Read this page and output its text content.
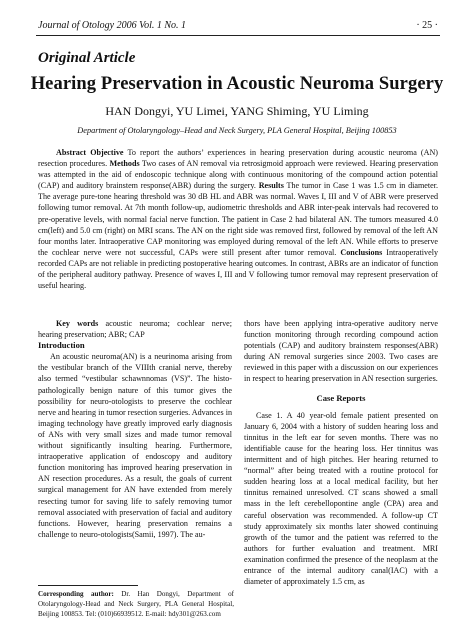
Journal of Otology 2006 Vol. 1 No. 1	· 25 ·
Original Article
Hearing Preservation in Acoustic Neuroma Surgery
HAN Dongyi, YU Limei, YANG Shiming, YU Liming
Department of Otolaryngology–Head and Neck Surgery, PLA General Hospital, Beijing 100853
Abstract Objective To report the authors’ experiences in hearing preservation during acoustic neuroma (AN) resection procedures. Methods Two cases of AN removal via retrosigmoid approach were reviewed. Hearing preservation was attempted in the aid of endoscopic technique along with continuous monitoring of the compound action potential (CAP) and auditory brainstem response(ABR) during the surgery. Results The tumor in Case 1 was 1.5 cm in diameter. The average pure-tone hearing threshold was 30 dB HL and ABR was normal. Waves I, III and V of ABR were preserved following tumor removal. At 7th month follow-up, audiometric thresholds and ABR inter-peak intervals had recovered to pre-operative levels, with normal facial nerve function. The patient in Case 2 had bilateral AN. The tumors measured 4.0 cm(left) and 5.0 cm (right) on MRI scans. The AN on the right side was removed first, followed by removal of the left AN four months later. Intraoperative CAP monitoring was employed during removal of the left AN. While efforts to preserve the cochlear nerve were not successful, CAPs were still present after tumor removal. Conclusions Intraoperatively recorded CAPs are not reliable in predicting postoperative hearing outcomes. In contrast, ABRs are an indicator of function of the peripheral auditory pathway. Presence of waves I, III and V following tumor removal may represent preservation of useful hearing.

Key words acoustic neuroma; cochlear nerve; hearing preservation; ABR; CAP

Introduction

An acoustic neuroma(AN) is a neurinoma arising from the vestibular branch of the VIIIth cranial nerve, thereby also termed “vestibular schawnnomas (VS)”. The histo-pathologically benign nature of this tumor gives the possibility for neuro-otologists to preserve the cochlear nerve and hearing in tumor resection surgeries. Advances in imaging technology have greatly improved early diagnosis of ANs with very small sizes and made tumor removal without significantly insulting hearing. Furthermore, intraoperative application of endoscopy and auditory function monitoring has improved hearing preservation in AN resection procedures. As a result, the goals of current surgical management for AN have extended from merely resecting tumor for saving life to safely removing tumor removal associated with preservation of facial and auditory functions. However, hearing preservation remains a challenge to neuro-otologists(Samii, 1997). The au-

thors have been applying intra-operative auditory nerve function monitoring through recording compound action potentials (CAP) and auditory brainstem responses(ABR) during AN removal surgeries since 2003. Two cases are reviewed in this paper with a discussion on our experiences in respect to hearing preservation in AN resection surgeries.

Case Reports

Case 1. A 40 year-old female patient presented on January 6, 2004 with a history of sudden hearing loss and tinnitus in the left ear for seven months. There was no identifiable cause for the hearing loss. Her tinnitus was intermittent and of high pitches. Her hearing returned to “normal” after being treated with a routine protocol for sudden hearing loss at a local medical facility, but her tinnitus remained unresolved. CT scans showed a small mass in the left cerebellopontine angle (CPA) area and careful observation was recommended. A follow-up CT study approximately six months later showed continuing growth of the tumor and the patient was referred to the authors for further evaluation and treatment. MRI examination confirmed the presence of the neoplasm at the entrance of the internal auditory canal(IAC) with a diameter of approximately 1.5 cm, as

Corresponding author: Dr. Han Dongyi, Department of Otolaryngology-Head and Neck Surgery, PLA General Hospital, Beijing 100853. Tel: (010)66939512. E-mail: hdy301@263.com
